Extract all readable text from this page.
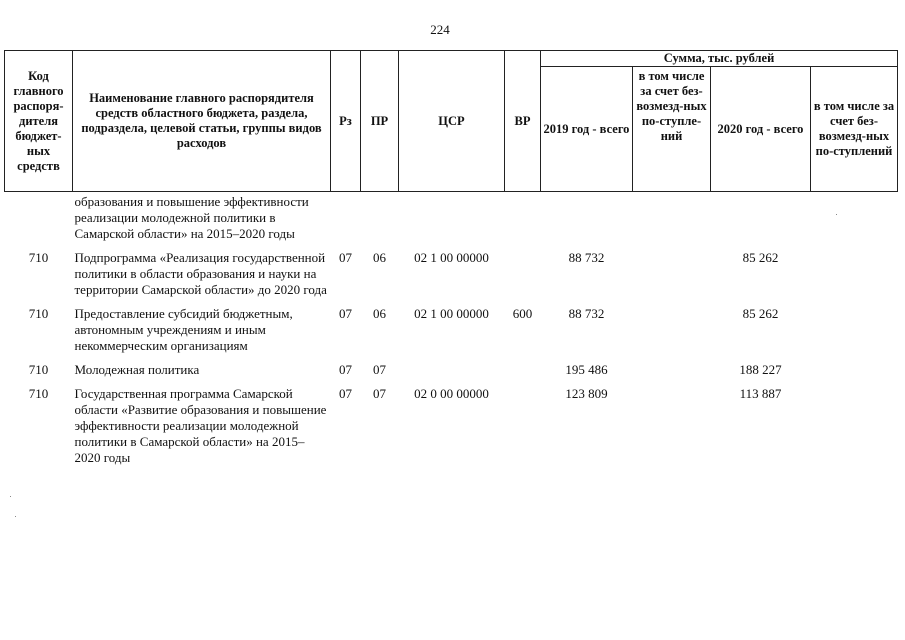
224
Код главного распоря-дителя бюджет-ных средств	Наименование главного распорядителя средств областного бюджета, раздела, подраздела, целевой статьи, группы видов расходов	Рз	ПР	ЦСР	ВР	Сумма, тыс. рублей			
						2019 год - всего	в том числе за счет без-возмезд-ных по-ступле-ний	2020 год - всего	в том числе за счет без-возмезд-ных по-ступлений
	образования и повышение эффективности реализации молодежной политики в Самарской области» на 2015–2020 годы								
710	Подпрограмма «Реализация государственной политики в области образования и науки на территории Самарской области» до 2020 года	07	06	02 1 00 00000		88 732		85 262	
710	Предоставление субсидий бюджетным, автономным учреждениям и иным некоммерческим организациям	07	06	02 1 00 00000	600	88 732		85 262	
710	Молодежная политика	07	07			195 486		188 227	
710	Государственная программа Самарской области «Развитие образования и повышение эффективности реализации молодежной политики в Самарской области» на 2015–2020 годы	07	07	02 0 00 00000		123 809		113 887	
